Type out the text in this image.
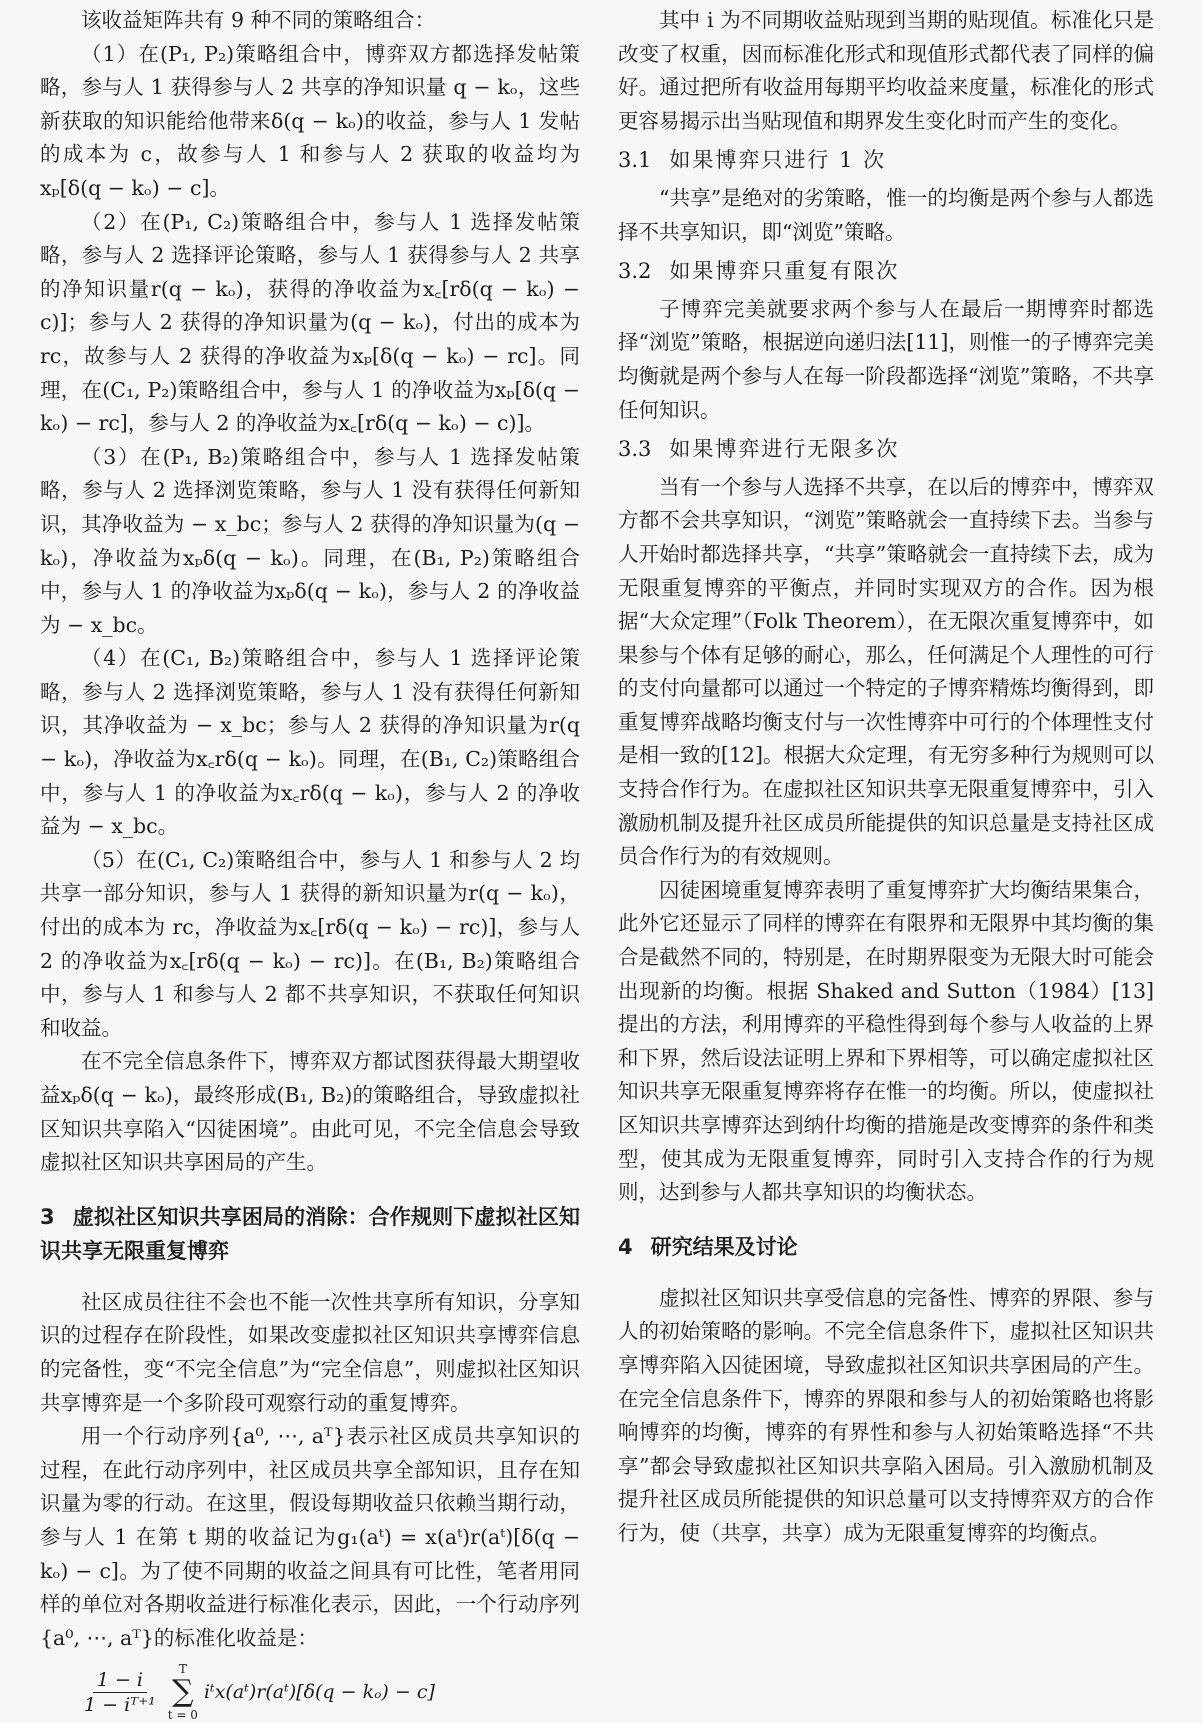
该收益矩阵共有 9 种不同的策略组合：

（1）在(P₁, P₂)策略组合中，博弈双方都选择发帖策略，参与人 1 获得参与人 2 共享的净知识量 q − kₒ，这些新获取的知识能给他带来δ(q − kₒ)的收益，参与人 1 发帖的成本为 c，故参与人 1 和参与人 2 获取的收益均为xₚ[δ(q − kₒ) − c]。

（2）在(P₁, C₂)策略组合中，参与人 1 选择发帖策略，参与人 2 选择评论策略，参与人 1 获得参与人 2 共享的净知识量r(q − kₒ)，获得的净收益为x꜀[rδ(q − kₒ) − c)]；参与人 2 获得的净知识量为(q − kₒ)，付出的成本为 rc，故参与人 2 获得的净收益为xₚ[δ(q − kₒ) − rc]。同理，在(C₁, P₂)策略组合中，参与人 1 的净收益为xₚ[δ(q − kₒ) − rc]，参与人 2 的净收益为x꜀[rδ(q − kₒ) − c)]。

（3）在(P₁, B₂)策略组合中，参与人 1 选择发帖策略，参与人 2 选择浏览策略，参与人 1 没有获得任何新知识，其净收益为 − x_bc；参与人 2 获得的净知识量为(q − kₒ)，净收益为xₚδ(q − kₒ)。同理，在(B₁, P₂)策略组合中，参与人 1 的净收益为xₚδ(q − kₒ)，参与人 2 的净收益为 − x_bc。

（4）在(C₁, B₂)策略组合中，参与人 1 选择评论策略，参与人 2 选择浏览策略，参与人 1 没有获得任何新知识，其净收益为 − x_bc；参与人 2 获得的净知识量为r(q − kₒ)，净收益为x꜀rδ(q − kₒ)。同理，在(B₁, C₂)策略组合中，参与人 1 的净收益为x꜀rδ(q − kₒ)，参与人 2 的净收益为 − x_bc。

（5）在(C₁, C₂)策略组合中，参与人 1 和参与人 2 均共享一部分知识，参与人 1 获得的新知识量为r(q − kₒ)，付出的成本为 rc，净收益为x꜀[rδ(q − kₒ) − rc)]，参与人 2 的净收益为x꜀[rδ(q − kₒ) − rc)]。在(B₁, B₂)策略组合中，参与人 1 和参与人 2 都不共享知识，不获取任何知识和收益。

在不完全信息条件下，博弈双方都试图获得最大期望收益xₚδ(q − kₒ)，最终形成(B₁, B₂)的策略组合，导致虚拟社区知识共享陷入“囚徒困境”。由此可见，不完全信息会导致虚拟社区知识共享困局的产生。

3 虚拟社区知识共享困局的消除：合作规则下虚拟社区知识共享无限重复博弈

社区成员往往不会也不能一次性共享所有知识，分享知识的过程存在阶段性，如果改变虚拟社区知识共享博弈信息的完备性，变“不完全信息”为“完全信息”，则虚拟社区知识共享博弈是一个多阶段可观察行动的重复博弈。

用一个行动序列{a⁰, ⋯, aᵀ}表示社区成员共享知识的过程，在此行动序列中，社区成员共享全部知识，且存在知识量为零的行动。在这里，假设每期收益只依赖当期行动，参与人 1 在第 t 期的收益记为g₁(aᵗ) = x(aᵗ)r(aᵗ)[δ(q − kₒ) − c]。为了使不同期的收益之间具有可比性，笔者用同样的单位对各期收益进行标准化表示，因此，一个行动序列{a⁰, ⋯, aᵀ}的标准化收益是：

$\frac{1 - i}{\text{1 − iᵀ⁺¹}}$ T
∑
t = 0
iᵗx(aᵗ)r(aᵗ)[δ(q − kₒ) − c]

其中 i 为不同期收益贴现到当期的贴现值。标准化只是改变了权重，因而标准化形式和现值形式都代表了同样的偏好。通过把所有收益用每期平均收益来度量，标准化的形式更容易揭示出当贴现值和期界发生变化时而产生的变化。

3.1 如果博弈只进行 1 次

“共享”是绝对的劣策略，惟一的均衡是两个参与人都选择不共享知识，即“浏览”策略。

3.2 如果博弈只重复有限次

子博弈完美就要求两个参与人在最后一期博弈时都选择“浏览”策略，根据逆向递归法[11]，则惟一的子博弈完美均衡就是两个参与人在每一阶段都选择“浏览”策略，不共享任何知识。

3.3 如果博弈进行无限多次

当有一个参与人选择不共享，在以后的博弈中，博弈双方都不会共享知识，“浏览”策略就会一直持续下去。当参与人开始时都选择共享，“共享”策略就会一直持续下去，成为无限重复博弈的平衡点，并同时实现双方的合作。因为根据“大众定理”（Folk Theorem），在无限次重复博弈中，如果参与个体有足够的耐心，那么，任何满足个人理性的可行的支付向量都可以通过一个特定的子博弈精炼均衡得到，即重复博弈战略均衡支付与一次性博弈中可行的个体理性支付是相一致的[12]。根据大众定理，有无穷多种行为规则可以支持合作行为。在虚拟社区知识共享无限重复博弈中，引入激励机制及提升社区成员所能提供的知识总量是支持社区成员合作行为的有效规则。

囚徒困境重复博弈表明了重复博弈扩大均衡结果集合，此外它还显示了同样的博弈在有限界和无限界中其均衡的集合是截然不同的，特别是，在时期界限变为无限大时可能会出现新的均衡。根据 Shaked and Sutton（1984）[13]提出的方法，利用博弈的平稳性得到每个参与人收益的上界和下界，然后设法证明上界和下界相等，可以确定虚拟社区知识共享无限重复博弈将存在惟一的均衡。所以，使虚拟社区知识共享博弈达到纳什均衡的措施是改变博弈的条件和类型，使其成为无限重复博弈，同时引入支持合作的行为规则，达到参与人都共享知识的均衡状态。

4 研究结果及讨论

虚拟社区知识共享受信息的完备性、博弈的界限、参与人的初始策略的影响。不完全信息条件下，虚拟社区知识共享博弈陷入囚徒困境，导致虚拟社区知识共享困局的产生。在完全信息条件下，博弈的界限和参与人的初始策略也将影响博弈的均衡，博弈的有界性和参与人初始策略选择“不共享”都会导致虚拟社区知识共享陷入困局。引入激励机制及提升社区成员所能提供的知识总量可以支持博弈双方的合作行为，使（共享，共享）成为无限重复博弈的均衡点。
